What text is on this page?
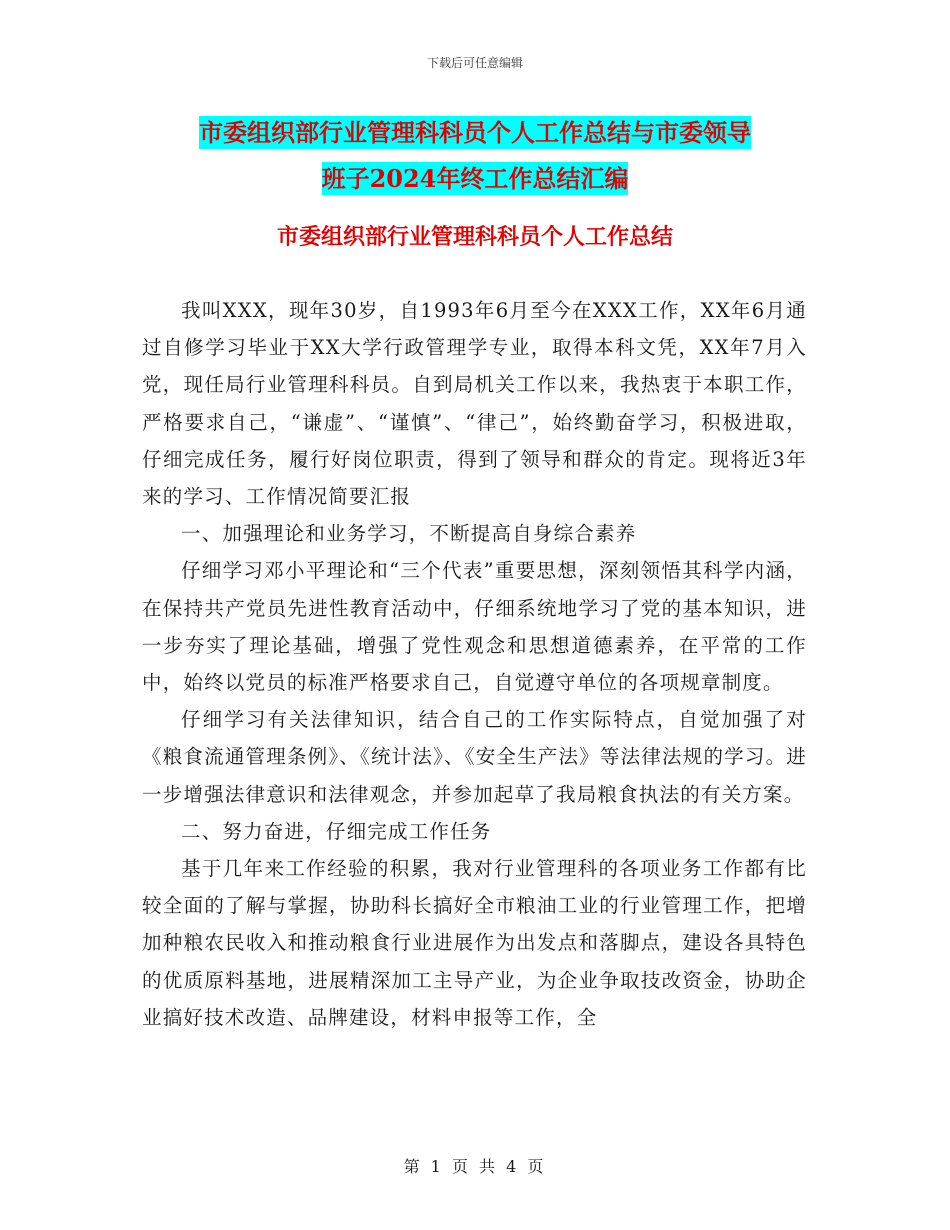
下载后可任意编辑
市委组织部行业管理科科员个人工作总结与市委领导
班子2024年终工作总结汇编
市委组织部行业管理科科员个人工作总结

我叫XXX，现年30岁，自1993年6月至今在XXX工作，XX年6月通过自修学习毕业于XX大学行政管理学专业，取得本科文凭，XX年7月入党，现任局行业管理科科员。自到局机关工作以来，我热衷于本职工作，严格要求自己，“谦虚”、“谨慎”、“律己”，始终勤奋学习，积极进取，仔细完成任务，履行好岗位职责，得到了领导和群众的肯定。现将近3年来的学习、工作情况简要汇报

一、加强理论和业务学习，不断提高自身综合素养

仔细学习邓小平理论和“三个代表”重要思想，深刻领悟其科学内涵，在保持共产党员先进性教育活动中，仔细系统地学习了党的基本知识，进一步夯实了理论基础，增强了党性观念和思想道德素养，在平常的工作中，始终以党员的标准严格要求自己，自觉遵守单位的各项规章制度。

仔细学习有关法律知识，结合自己的工作实际特点，自觉加强了对《粮食流通管理条例》、《统计法》、《安全生产法》等法律法规的学习。进一步增强法律意识和法律观念，并参加起草了我局粮食执法的有关方案。

二、努力奋进，仔细完成工作任务

基于几年来工作经验的积累，我对行业管理科的各项业务工作都有比较全面的了解与掌握，协助科长搞好全市粮油工业的行业管理工作，把增加种粮农民收入和推动粮食行业进展作为出发点和落脚点，建设各具特色的优质原料基地，进展精深加工主导产业，为企业争取技改资金，协助企业搞好技术改造、品牌建设，材料申报等工作，全

第 1 页 共 4 页
